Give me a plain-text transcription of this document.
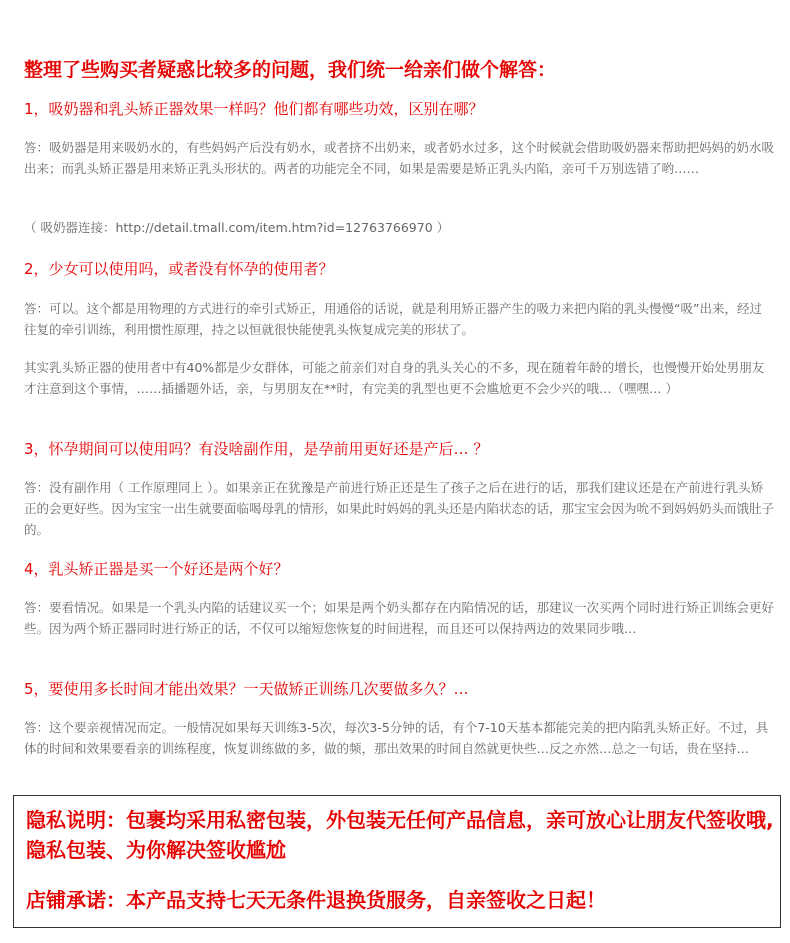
整理了些购买者疑惑比较多的问题，我们统一给亲们做个解答：
1，吸奶器和乳头矫正器效果一样吗？他们都有哪些功效，区别在哪？

答：吸奶器是用来吸奶水的，有些妈妈产后没有奶水，或者挤不出奶来，或者奶水过多，这个时候就会借助吸奶器来帮助把妈妈的奶水吸出来；而乳头矫正器是用来矫正乳头形状的。两者的功能完全不同，如果是需要是矫正乳头内陷，亲可千万别选错了哟……

（ 吸奶器连接：http://detail.tmall.com/item.htm?id=12763766970 ）

2，少女可以使用吗，或者没有怀孕的使用者？

答：可以。这个都是用物理的方式进行的牵引式矫正，用通俗的话说，就是利用矫正器产生的吸力来把内陷的乳头慢慢“吸”出来，经过往复的牵引训练，利用惯性原理，持之以恒就很快能使乳头恢复成完美的形状了。

其实乳头矫正器的使用者中有40%都是少女群体，可能之前亲们对自身的乳头关心的不多，现在随着年龄的增长，也慢慢开始处男朋友才注意到这个事情，……插播题外话，亲，与男朋友在**时，有完美的乳型也更不会尴尬更不会少兴的哦…（嘿嘿… ）

3，怀孕期间可以使用吗？有没啥副作用，是孕前用更好还是产后… ？

答：没有副作用（ 工作原理同上 ）。如果亲正在犹豫是产前进行矫正还是生了孩子之后在进行的话，那我们建议还是在产前进行乳头矫正的会更好些。因为宝宝一出生就要面临喝母乳的情形，如果此时妈妈的乳头还是内陷状态的话，那宝宝会因为吮不到妈妈奶头而饿肚子的。

4，乳头矫正器是买一个好还是两个好？

答：要看情况。如果是一个乳头内陷的话建议买一个；如果是两个奶头都存在内陷情况的话，那建议一次买两个同时进行矫正训练会更好些。因为两个矫正器同时进行矫正的话，不仅可以缩短您恢复的时间进程，而且还可以保持两边的效果同步哦…

5，要使用多长时间才能出效果？一天做矫正训练几次要做多久？…

答：这个要亲视情况而定。一般情况如果每天训练3-5次，每次3-5分钟的话，有个7-10天基本都能完美的把内陷乳头矫正好。不过，具体的时间和效果要看亲的训练程度，恢复训练做的多，做的频，那出效果的时间自然就更快些…反之亦然…总之一句话，贵在坚持…

隐私说明：包裹均采用私密包装，外包装无任何产品信息，亲可放心让朋友代签收哦,隐私包装、为你解决签收尴尬

店铺承诺：本产品支持七天无条件退换货服务，自亲签收之日起！
